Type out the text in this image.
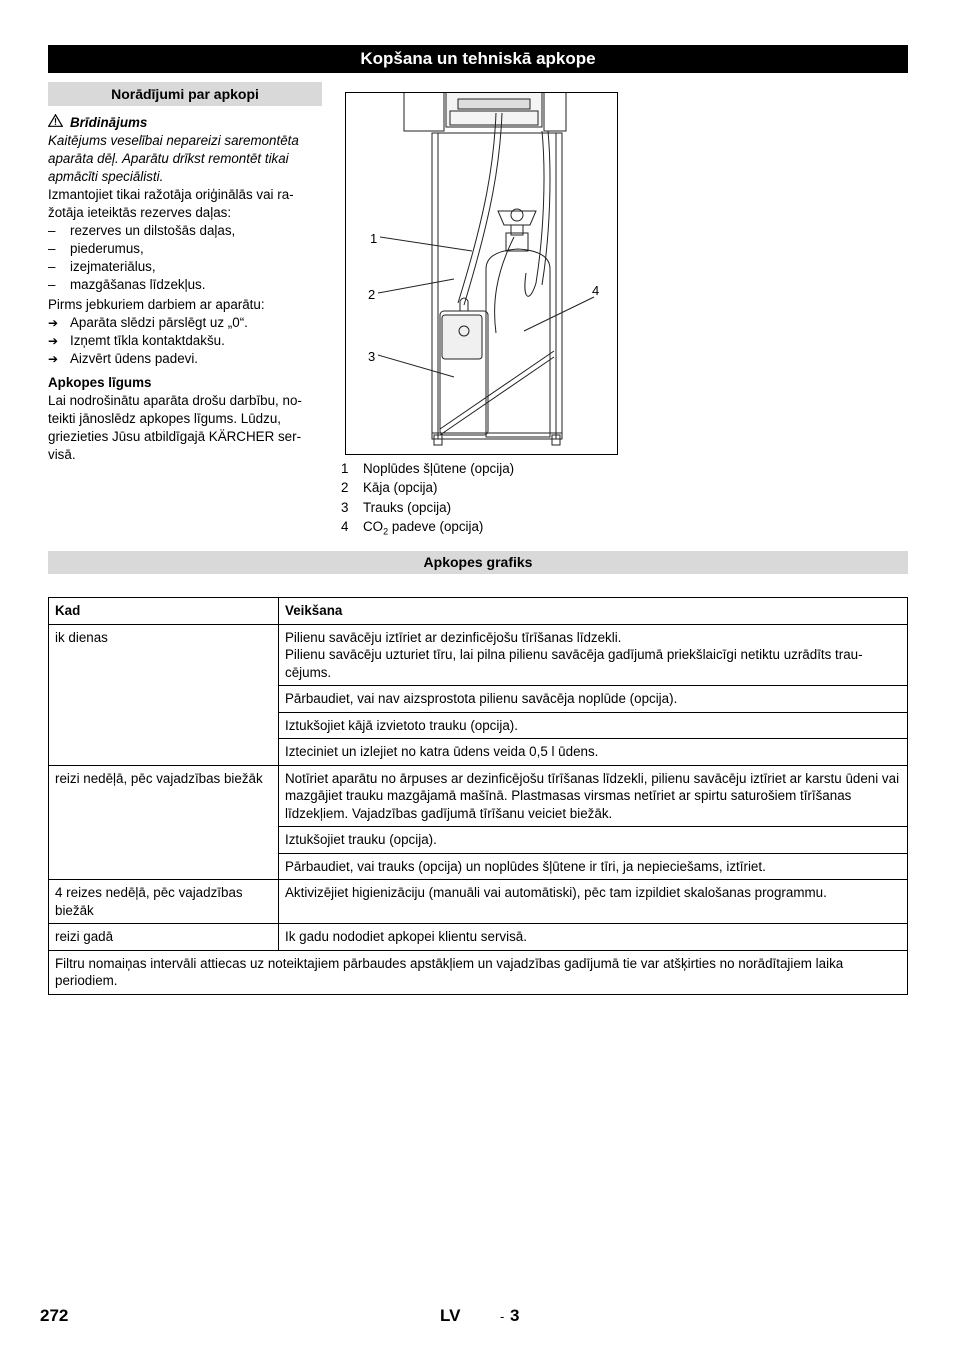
Kopšana un tehniskā apkope
Norādījumi par apkopi
Brīdinājums

Kaitējums veselībai nepareizi saremontēta aparāta dēļ. Aparātu drīkst remontēt tikai apmācīti speciālisti.

Izmantojiet tikai ražotāja oriģinālās vai ražotāja ieteiktās rezerves daļas:

–	rezerves un dilstošās daļas,
–	piederumus,
–	izejmateriālus,
–	mazgāšanas līdzekļus.

Pirms jebkuriem darbiem ar aparātu:

➔ Aparāta slēdzi pārslēgt uz „0“.
➔ Izņemt tīkla kontaktdakšu.
➔ Aizvērt ūdens padevi.

Apkopes līgums

Lai nodrošinātu aparāta drošu darbību, noteikti jānoslēdz apkopes līgums. Lūdzu, griezieties Jūsu atbildīgajā KÄRCHER servisā.

1
2
3
4
1	Noplūdes šļūtene (opcija)
2	Kāja (opcija)
3	Trauks (opcija)
4	$CO_2$ padeve (opcija)
Apkopes grafiks
Kad	Veikšana
ik dienas	Pilienu savācēju iztīriet ar dezinficējošu tīrīšanas līdzekli.
Pilienu savācēju uzturiet tīru, lai pilna pilienu savācēja gadījumā priekšlaicīgi netiktu uzrādīts traucējums.

	Pārbaudiet, vai nav aizsprostota pilienu savācēja noplūde (opcija).
	Iztukšojiet kājā izvietoto trauku (opcija).
	Izteciniet un izlejiet no katra ūdens veida 0,5 l ūdens.
reizi nedēļā, pēc vajadzības biežāk	Notīriet aparātu no ārpuses ar dezinficējošu tīrīšanas līdzekli, pilienu savācēju iztīriet ar karstu ūdeni vai mazgājiet trauku mazgājamā mašīnā. Plastmasas virsmas netīriet ar spirtu saturošiem tīrīšanas līdzekļiem. Vajadzības gadījumā tīrīšanu veiciet biežāk.
	Iztukšojiet trauku (opcija).
	Pārbaudiet, vai trauks (opcija) un noplūdes šļūtene ir tīri, ja nepieciešams, iztīriet.
4 reizes nedēļā, pēc vajadzības biežāk	Aktivizējiet higienizāciju (manuāli vai automātiski), pēc tam izpildiet skalošanas programmu.
reizi gadā	Ik gadu nododiet apkopei klientu servisā.
Filtru nomaiņas intervāli attiecas uz noteiktajiem pārbaudes apstākļiem un vajadzības gadījumā tie var atšķirties no norādītajiem laika periodiem.	
272	LV	- 3
